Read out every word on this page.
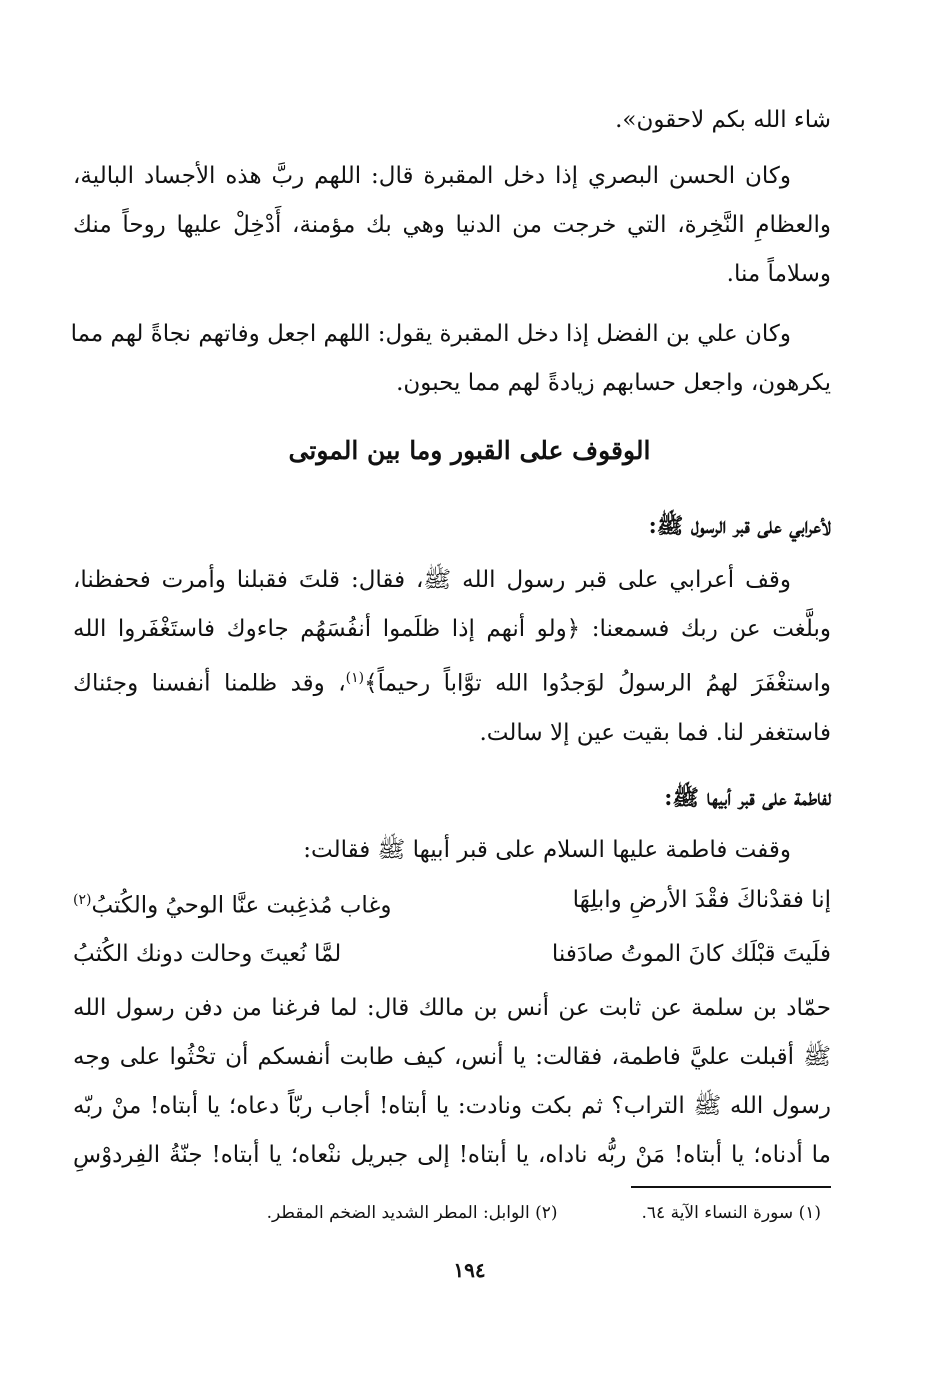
شاء الله بكم لاحقون».
وكان الحسن البصري إذا دخل المقبرة قال: اللهم ربَّ هذه الأجساد البالية،
والعظامِ النَّخِرة، التي خرجت من الدنيا وهي بك مؤمنة، أَدْخِلْ عليها روحاً منك
وسلاماً منا.
وكان علي بن الفضل إذا دخل المقبرة يقول: اللهم اجعل وفاتهم نجاةً لهم مما
يكرهون، واجعل حسابهم زيادةً لهم مما يحبون.
الوقوف على القبور وما بين الموتى
لأعرابي على قبر الرسول ﷺ:
وقف أعرابي على قبر رسول الله ﷺ، فقال: قلتَ فقبلنا وأمرت فحفظنا،
وبلَّغت عن ربك فسمعنا: ﴿ولو أنهم إذا ظلَموا أنفُسَهُم جاءوك فاستَغْفَروا الله
واستغْفَرَ لهمُ الرسولُ لوَجدُوا الله توَّاباً رحيماً﴾$^{(١)}$، وقد ظلمنا أنفسنا وجئناك
فاستغفر لنا. فما بقيت عين إلا سالت.
لفاطمة على قبر أبيها ﷺ:
وقفت فاطمة عليها السلام على قبر أبيها ﷺ فقالت:
إنا فقدْناكَ فقْدَ الأرضِ وابلِهَا
وغاب مُذغِبت عنَّا الوحيُ والكُتبُ$^{(٢)}$
فلَيتَ قبْلَك كانَ الموتُ صادَفنا
لمَّا نُعيتَ وحالت دونك الكُثبُ
حمّاد بن سلمة عن ثابت عن أنس بن مالك قال: لما فرغنا من دفن رسول الله
ﷺ أقبلت عليَّ فاطمة، فقالت: يا أنس، كيف طابت أنفسكم أن تحْثُوا على وجه
رسول الله ﷺ التراب؟ ثم بكت ونادت: يا أبتاه! أجاب ربّاً دعاه؛ يا أبتاه! منْ ربّه
ما أدناه؛ يا أبتاه! مَنْ ربُّه ناداه، يا أبتاه! إلى جبريل ننْعاه؛ يا أبتاه! جنّةُ الفِردوْسِ
(١) سورة النساء الآية ٦٤.
(٢) الوابل: المطر الشديد الضخم المقطر.
١٩٤
